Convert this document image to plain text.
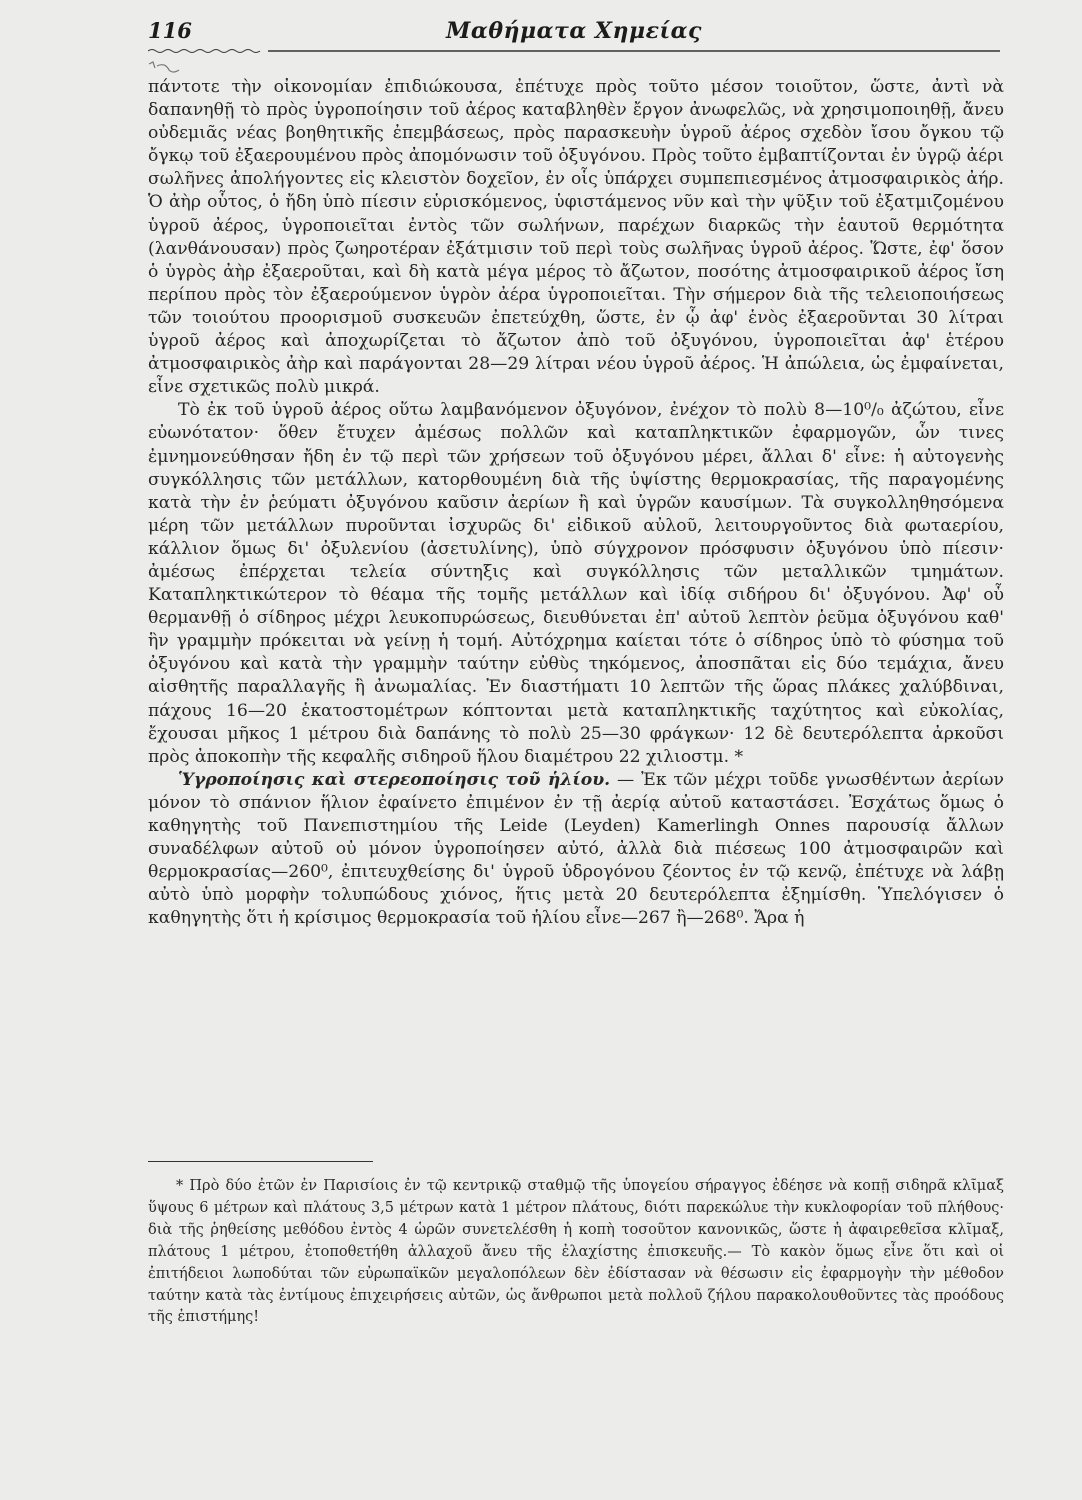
116	Μαθήματα Χημείας

πάντοτε τὴν οἰκονομίαν ἐπιδιώκουσα, ἐπέτυχε πρὸς τοῦτο μέσον τοιοῦτον, ὥστε, ἀντὶ νὰ δαπανηθῇ τὸ πρὸς ὑγροποίησιν τοῦ ἀέρος καταβληθὲν ἔργον ἀνωφελῶς, νὰ χρησιμοποιηθῇ, ἄνευ οὐδεμιᾶς νέας βοηθητικῆς ἐπεμβάσεως, πρὸς παρασκευὴν ὑγροῦ ἀέρος σχεδὸν ἴσου ὄγκου τῷ ὄγκῳ τοῦ ἐξαερουμένου πρὸς ἀπομόνωσιν τοῦ ὀξυγόνου. Πρὸς τοῦτο ἐμβαπτίζονται ἐν ὑγρῷ ἀέρι σωλῆνες ἀπολήγοντες εἰς κλειστὸν δοχεῖον, ἐν οἷς ὑπάρχει συμπεπιεσμένος ἀτμοσφαιρικὸς ἀήρ. Ὁ ἀὴρ οὗτος, ὁ ἤδη ὑπὸ πίεσιν εὑρισκόμενος, ὑφιστάμενος νῦν καὶ τὴν ψῦξιν τοῦ ἐξατμιζομένου ὑγροῦ ἀέρος, ὑγροποιεῖται ἐντὸς τῶν σωλήνων, παρέχων διαρκῶς τὴν ἑαυτοῦ θερμότητα (λανθάνουσαν) πρὸς ζωηροτέραν ἐξάτμισιν τοῦ περὶ τοὺς σωλῆνας ὑγροῦ ἀέρος. Ὥστε, ἐφ' ὅσον ὁ ὑγρὸς ἀὴρ ἐξαεροῦται, καὶ δὴ κατὰ μέγα μέρος τὸ ἄζωτον, ποσότης ἀτμοσφαιρικοῦ ἀέρος ἴση περίπου πρὸς τὸν ἐξαερούμενον ὑγρὸν ἀέρα ὑγροποιεῖται. Τὴν σήμερον διὰ τῆς τελειοποιήσεως τῶν τοιούτου προορισμοῦ συσκευῶν ἐπετεύχθη, ὥστε, ἐν ᾧ ἀφ' ἑνὸς ἐξαεροῦνται 30 λίτραι ὑγροῦ ἀέρος καὶ ἀποχωρίζεται τὸ ἄζωτον ἀπὸ τοῦ ὀξυγόνου, ὑγροποιεῖται ἀφ' ἑτέρου ἀτμοσφαιρικὸς ἀὴρ καὶ παράγονται 28—29 λίτραι νέου ὑγροῦ ἀέρος. Ἡ ἀπώλεια, ὡς ἐμφαίνεται, εἶνε σχετικῶς πολὺ μικρά.

Τὸ ἐκ τοῦ ὑγροῦ ἀέρος οὕτω λαμβανόμενον ὀξυγόνον, ἐνέχον τὸ πολὺ 8—10⁰/₀ ἀζώτου, εἶνε εὐωνότατον· ὅθεν ἔτυχεν ἀμέσως πολλῶν καὶ καταπληκτικῶν ἐφαρμογῶν, ὧν τινες ἐμνημονεύθησαν ἤδη ἐν τῷ περὶ τῶν χρήσεων τοῦ ὀξυγόνου μέρει, ἄλλαι δ' εἶνε: ἡ αὐτογενὴς συγκόλλησις τῶν μετάλλων, κατορθουμένη διὰ τῆς ὑψίστης θερμοκρασίας, τῆς παραγομένης κατὰ τὴν ἐν ῥεύματι ὀξυγόνου καῦσιν ἀερίων ἢ καὶ ὑγρῶν καυσίμων. Τὰ συγκολληθησόμενα μέρη τῶν μετάλλων πυροῦνται ἰσχυρῶς δι' εἰδικοῦ αὐλοῦ, λειτουργοῦντος διὰ φωταερίου, κάλλιον ὅμως δι' ὀξυλενίου (ἀσετυλίνης), ὑπὸ σύγχρονον πρόσφυσιν ὀξυγόνου ὑπὸ πίεσιν· ἀμέσως ἐπέρχεται τελεία σύντηξις καὶ συγκόλλησις τῶν μεταλλικῶν τμημάτων. Καταπληκτικώτερον τὸ θέαμα τῆς τομῆς μετάλλων καὶ ἰδίᾳ σιδήρου δι' ὀξυγόνου. Ἀφ' οὗ θερμανθῇ ὁ σίδηρος μέχρι λευκοπυρώσεως, διευθύνεται ἐπ' αὐτοῦ λεπτὸν ῥεῦμα ὀξυγόνου καθ' ἣν γραμμὴν πρόκειται νὰ γείνῃ ἡ τομή. Αὐτόχρημα καίεται τότε ὁ σίδηρος ὑπὸ τὸ φύσημα τοῦ ὀξυγόνου καὶ κατὰ τὴν γραμμὴν ταύτην εὐθὺς τηκόμενος, ἀποσπᾶται εἰς δύο τεμάχια, ἄνευ αἰσθητῆς παραλλαγῆς ἢ ἀνωμαλίας. Ἐν διαστήματι 10 λεπτῶν τῆς ὥρας πλάκες χαλύβδιναι, πάχους 16—20 ἑκατοστομέτρων κόπτονται μετὰ καταπληκτικῆς ταχύτητος καὶ εὐκολίας, ἔχουσαι μῆκος 1 μέτρου διὰ δαπάνης τὸ πολὺ 25—30 φράγκων· 12 δὲ δευτερόλεπτα ἀρκοῦσι πρὸς ἀποκοπὴν τῆς κεφαλῆς σιδηροῦ ἥλου διαμέτρου 22 χιλιοστμ. *

Ὑγροποίησις καὶ στερεοποίησις τοῦ ἡλίου. — Ἐκ τῶν μέχρι τοῦδε γνωσθέντων ἀερίων μόνον τὸ σπάνιον ἥλιον ἐφαίνετο ἐπιμένον ἐν τῇ ἀερίᾳ αὐτοῦ καταστάσει. Ἐσχάτως ὅμως ὁ καθηγητὴς τοῦ Πανεπιστημίου τῆς Leide (Leyden) Kamerlingh Onnes παρουσίᾳ ἄλλων συναδέλφων αὐτοῦ οὐ μόνον ὑγροποίησεν αὐτό, ἀλλὰ διὰ πιέσεως 100 ἀτμοσφαιρῶν καὶ θερμοκρασίας—260⁰, ἐπιτευχθείσης δι' ὑγροῦ ὑδρογόνου ζέοντος ἐν τῷ κενῷ, ἐπέτυχε νὰ λάβῃ αὐτὸ ὑπὸ μορφὴν τολυπώδους χιόνος, ἥτις μετὰ 20 δευτερόλεπτα ἐξημίσθη. Ὑπελόγισεν ὁ καθηγητὴς ὅτι ἡ κρίσιμος θερμοκρασία τοῦ ἡλίου εἶνε—267 ἢ—268⁰. Ἄρα ἡ

* Πρὸ δύο ἐτῶν ἐν Παρισίοις ἐν τῷ κεντρικῷ σταθμῷ τῆς ὑπογείου σήραγγος ἐδέησε νὰ κοπῇ σιδηρᾶ κλῖμαξ ὕψους 6 μέτρων καὶ πλάτους 3,5 μέτρων κατὰ 1 μέτρον πλάτους, διότι παρεκώλυε τὴν κυκλοφορίαν τοῦ πλήθους· διὰ τῆς ῥηθείσης μεθόδου ἐντὸς 4 ὡρῶν συνετελέσθη ἡ κοπὴ τοσοῦτον κανονικῶς, ὥστε ἡ ἀφαιρεθεῖσα κλῖμαξ, πλάτους 1 μέτρου, ἐτοποθετήθη ἀλλαχοῦ ἄνευ τῆς ἐλαχίστης ἐπισκευῆς.— Τὸ κακὸν ὅμως εἶνε ὅτι καὶ οἱ ἐπιτήδειοι λωποδύται τῶν εὐρωπαϊκῶν μεγαλοπόλεων δὲν ἐδίστασαν νὰ θέσωσιν εἰς ἐφαρμογὴν τὴν μέθοδον ταύτην κατὰ τὰς ἐντίμους ἐπιχειρήσεις αὐτῶν, ὡς ἄνθρωποι μετὰ πολλοῦ ζήλου παρακολουθοῦντες τὰς προόδους τῆς ἐπιστήμης!
